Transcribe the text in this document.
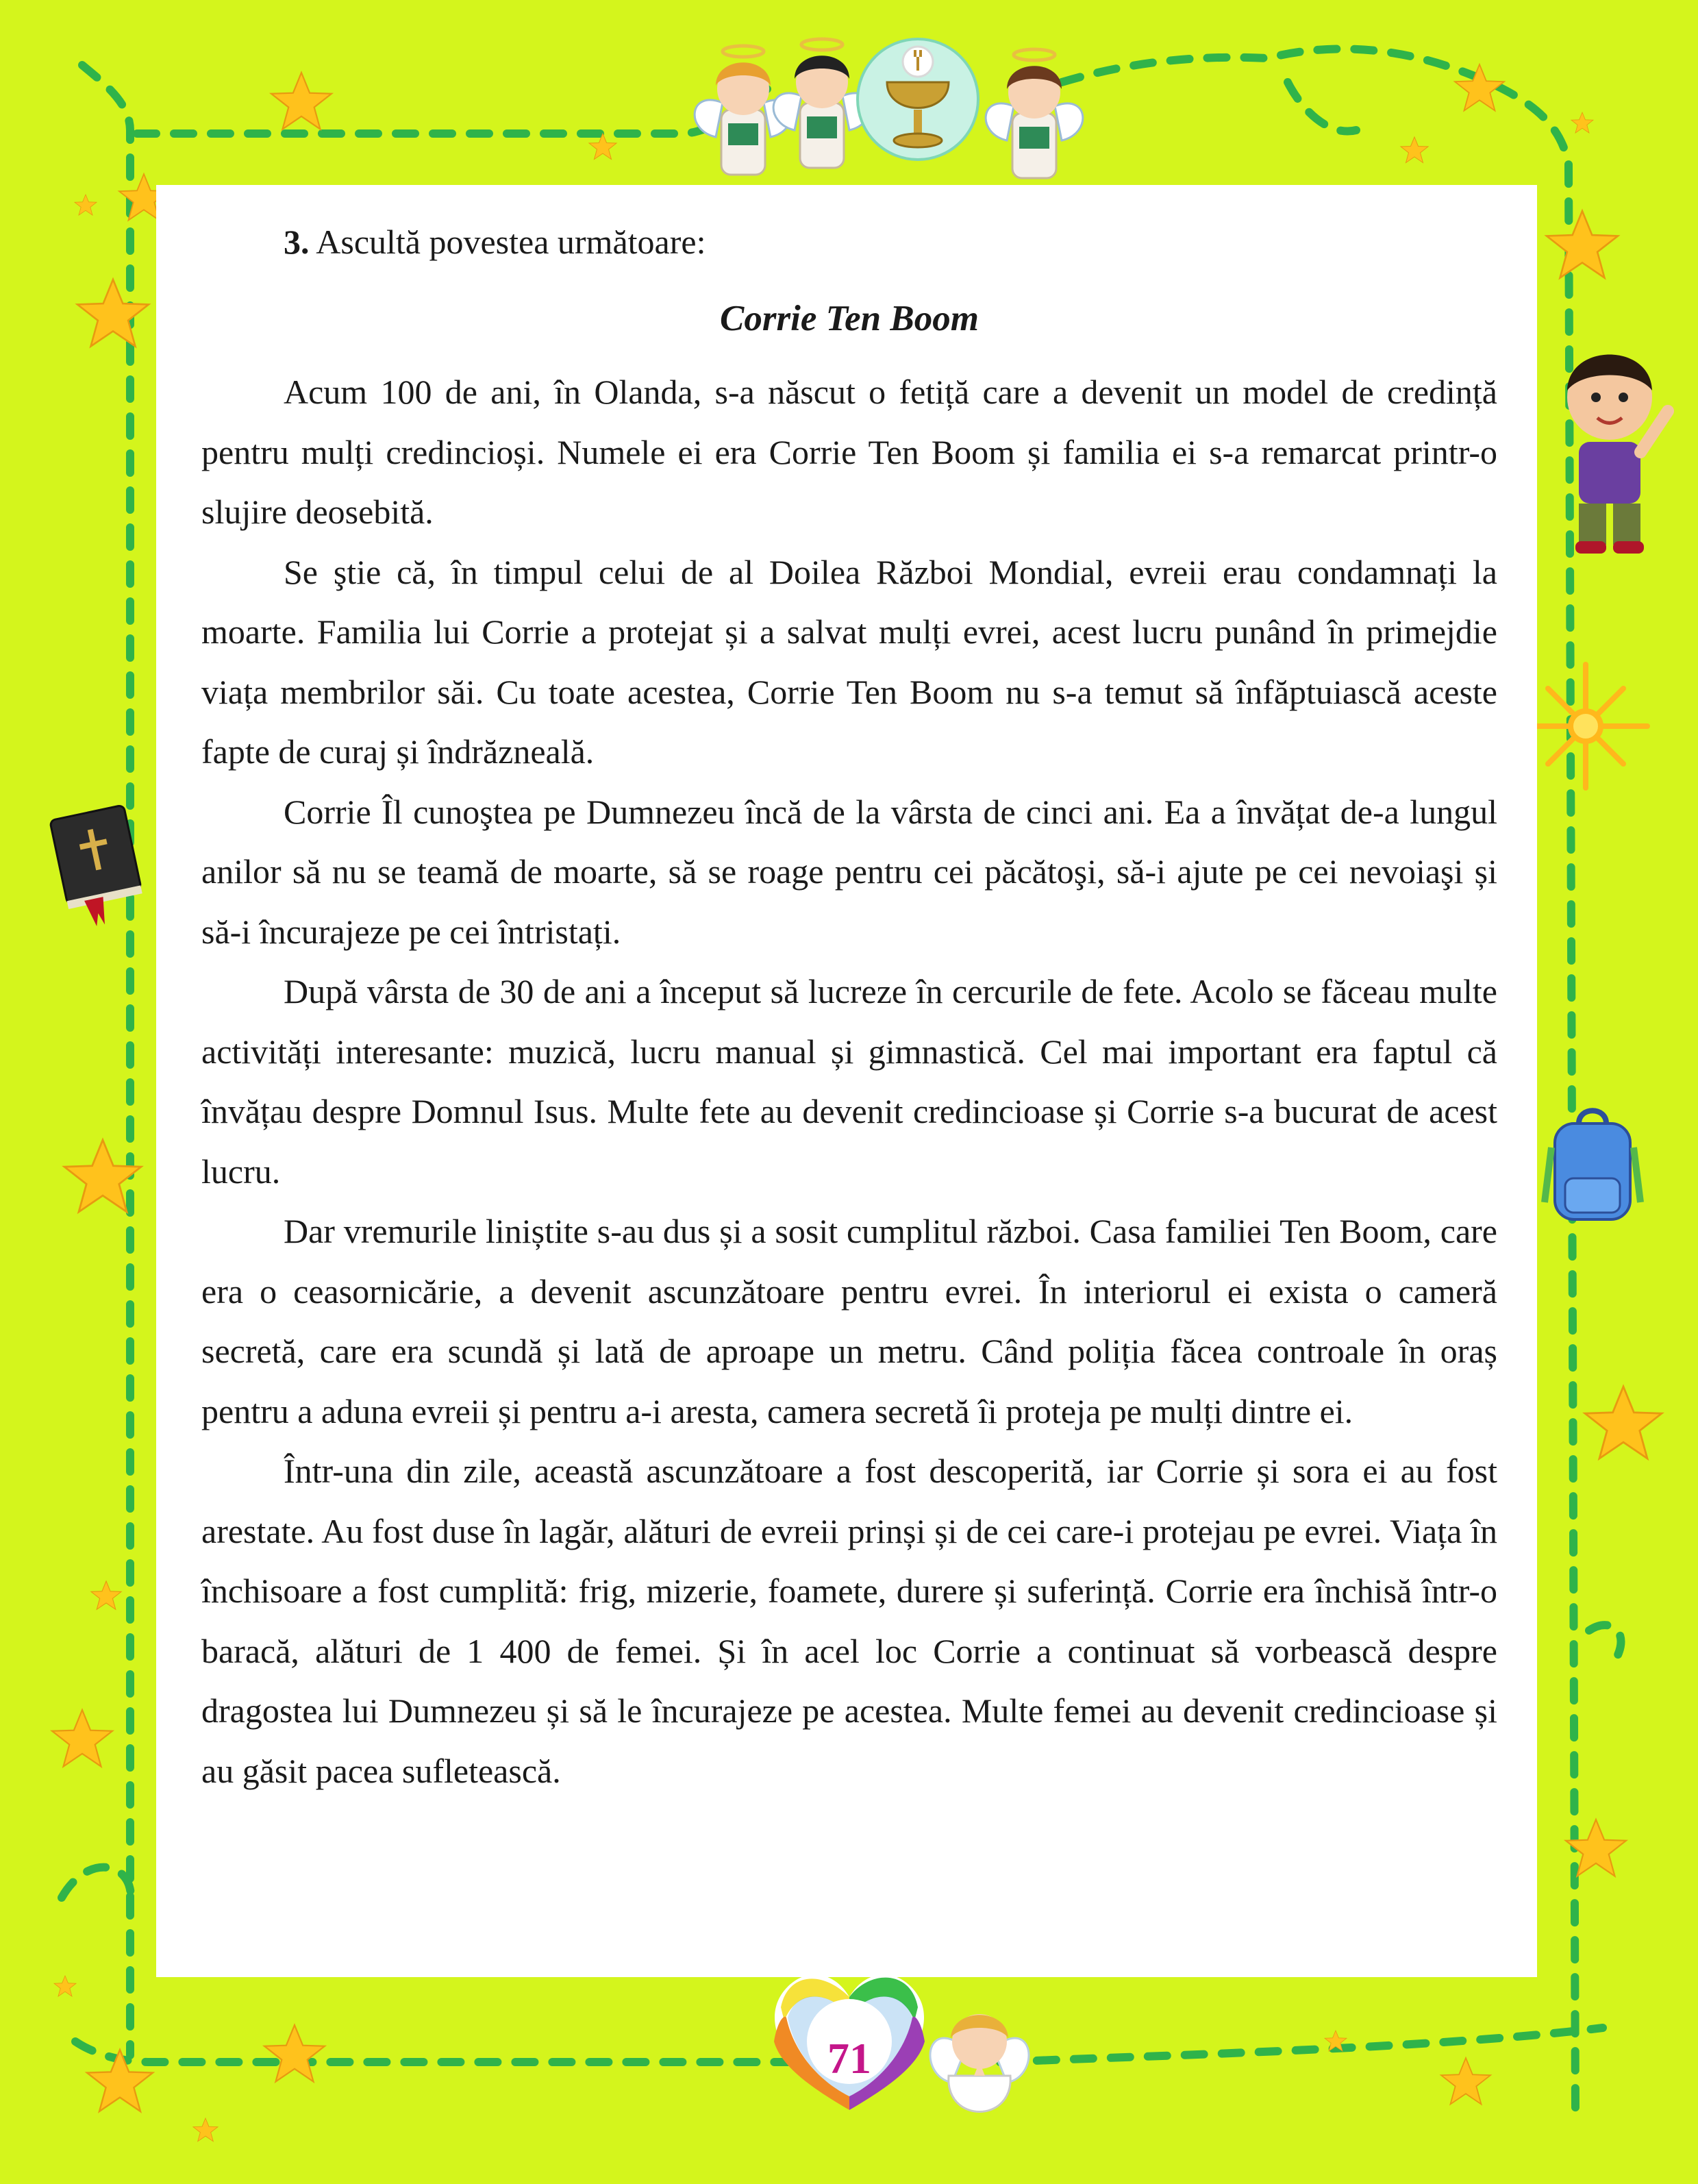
3. Ascultă povestea următoare:

Corrie Ten Boom

Acum 100 de ani, în Olanda, s-a născut o fetiță care a devenit un model de credință pentru mulți credincioși. Numele ei era Corrie Ten Boom și familia ei s-a remarcat printr-o slujire deosebită.

Se ştie că, în timpul celui de al Doilea Război Mondial, evreii erau condamnați la moarte. Familia lui Corrie a protejat și a salvat mulți evrei, acest lucru punând în primejdie viața membrilor săi. Cu toate acestea, Corrie Ten Boom nu s-a temut să înfăptuiască aceste fapte de curaj și îndrăzneală.

Corrie Îl cunoştea pe Dumnezeu încă de la vârsta de cinci ani. Ea a învățat de-a lungul anilor să nu se teamă de moarte, să se roage pentru cei păcătoşi, să-i ajute pe cei nevoiaşi și să-i încurajeze pe cei întristați.

După vârsta de 30 de ani a început să lucreze în cercurile de fete. Acolo se făceau multe activități interesante: muzică, lucru manual și gimnastică. Cel mai important era faptul că învățau despre Domnul Isus. Multe fete au devenit credincioase și Corrie s-a bucurat de acest lucru.

Dar vremurile liniștite s-au dus și a sosit cumplitul război. Casa familiei Ten Boom, care era o ceasornicărie, a devenit ascunzătoare pentru evrei. În interiorul ei exista o cameră secretă, care era scundă și lată de aproape un metru. Când poliția făcea controale în oraș pentru a aduna evreii și pentru a-i aresta, camera secretă îi proteja pe mulți dintre ei.

Într-una din zile, această ascunzătoare a fost descoperită, iar Corrie și sora ei au fost arestate. Au fost duse în lagăr, alături de evreii prinși și de cei care-i protejau pe evrei. Viața în închisoare a fost cumplită: frig, mizerie, foamete, durere și suferință. Corrie era închisă într-o baracă, alături de 1 400 de femei. Și în acel loc Corrie a continuat să vorbească despre dragostea lui Dumnezeu și să le încurajeze pe acestea. Multe femei au devenit credincioase și au găsit pacea sufletească.

71
